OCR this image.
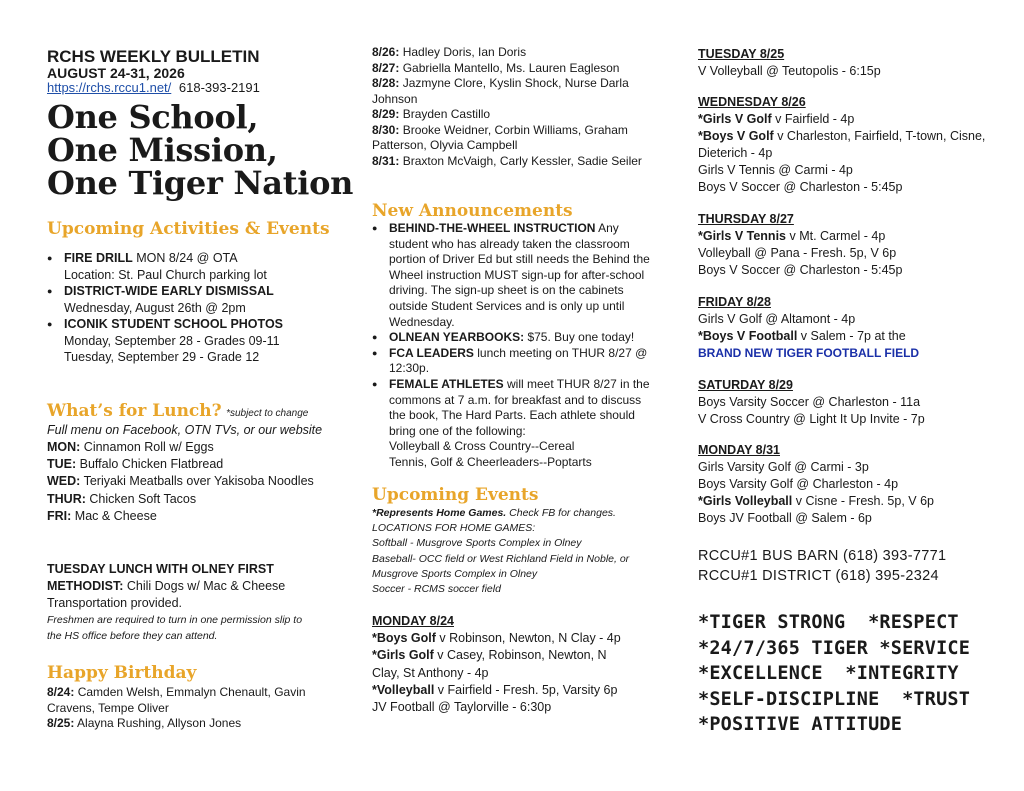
RCHS WEEKLY BULLETIN
AUGUST 24-31, 2026
https://rchs.rccu1.net/ 618-393-2191
One School,
One Mission,
One Tiger Nation
Upcoming Activities & Events
● FIRE DRILL MON 8/24 @ OTA
Location: St. Paul Church parking lot
● DISTRICT-WIDE EARLY DISMISSAL
Wednesday, August 26th @ 2pm
● ICONIK STUDENT SCHOOL PHOTOS
Monday, September 28 - Grades 09-11
Tuesday, September 29 - Grade 12
What’s for Lunch? *subject to change
Full menu on Facebook, OTN TVs, or our website
MON: Cinnamon Roll w/ Eggs
TUE: Buffalo Chicken Flatbread
WED: Teriyaki Meatballs over Yakisoba Noodles
THUR: Chicken Soft Tacos
FRI: Mac & Cheese
TUESDAY LUNCH WITH OLNEY FIRST METHODIST: Chili Dogs w/ Mac & Cheese
Transportation provided.
Freshmen are required to turn in one permission slip to the HS office before they can attend.
Happy Birthday
8/24: Camden Welsh, Emmalyn Chenault, Gavin Cravens, Tempe Oliver
8/25: Alayna Rushing, Allyson Jones
8/26: Hadley Doris, Ian Doris
8/27: Gabriella Mantello, Ms. Lauren Eagleson
8/28: Jazmyne Clore, Kyslin Shock, Nurse Darla Johnson
8/29: Brayden Castillo
8/30: Brooke Weidner, Corbin Williams, Graham Patterson, Olyvia Campbell
8/31: Braxton McVaigh, Carly Kessler, Sadie Seiler
New Announcements
● BEHIND-THE-WHEEL INSTRUCTION Any student who has already taken the classroom portion of Driver Ed but still needs the Behind the Wheel instruction MUST sign-up for after-school driving. The sign-up sheet is on the cabinets outside Student Services and is only up until Wednesday.
● OLNEAN YEARBOOKS: $75. Buy one today!
● FCA LEADERS lunch meeting on THUR 8/27 @ 12:30p.
● FEMALE ATHLETES will meet THUR 8/27 in the commons at 7 a.m. for breakfast and to discuss the book, The Hard Parts. Each athlete should bring one of the following:
Volleyball & Cross Country--Cereal
Tennis, Golf & Cheerleaders--Poptarts
Upcoming Events
*Represents Home Games. Check FB for changes.
LOCATIONS FOR HOME GAMES:
Softball - Musgrove Sports Complex in Olney
Baseball- OCC field or West Richland Field in Noble, or Musgrove Sports Complex in Olney
Soccer - RCMS soccer field
MONDAY 8/24
*Boys Golf v Robinson, Newton, N Clay - 4p
*Girls Golf v Casey, Robinson, Newton, N Clay, St Anthony - 4p
*Volleyball v Fairfield - Fresh. 5p, Varsity 6p
JV Football @ Taylorville - 6:30p
TUESDAY 8/25
V Volleyball @ Teutopolis - 6:15p
WEDNESDAY 8/26
*Girls V Golf v Fairfield - 4p
*Boys V Golf v Charleston, Fairfield, T-town, Cisne, Dieterich - 4p
Girls V Tennis @ Carmi - 4p
Boys V Soccer @ Charleston - 5:45p
THURSDAY 8/27
*Girls V Tennis v Mt. Carmel - 4p
Volleyball @ Pana - Fresh. 5p, V 6p
Boys V Soccer @ Charleston - 5:45p
FRIDAY 8/28
Girls V Golf @ Altamont - 4p
*Boys V Football v Salem - 7p at the
BRAND NEW TIGER FOOTBALL FIELD
SATURDAY 8/29
Boys Varsity Soccer @ Charleston - 11a
V Cross Country @ Light It Up Invite - 7p
MONDAY 8/31
Girls Varsity Golf @ Carmi - 3p
Boys Varsity Golf @ Charleston - 4p
*Girls Volleyball v Cisne - Fresh. 5p, V 6p
Boys JV Football @ Salem - 6p
RCCU#1 BUS BARN (618) 393-7771
RCCU#1 DISTRICT (618) 395-2324
*TIGER STRONG  *RESPECT
*24/7/365 TIGER *SERVICE
*EXCELLENCE  *INTEGRITY
*SELF-DISCIPLINE  *TRUST
*POSITIVE ATTITUDE
